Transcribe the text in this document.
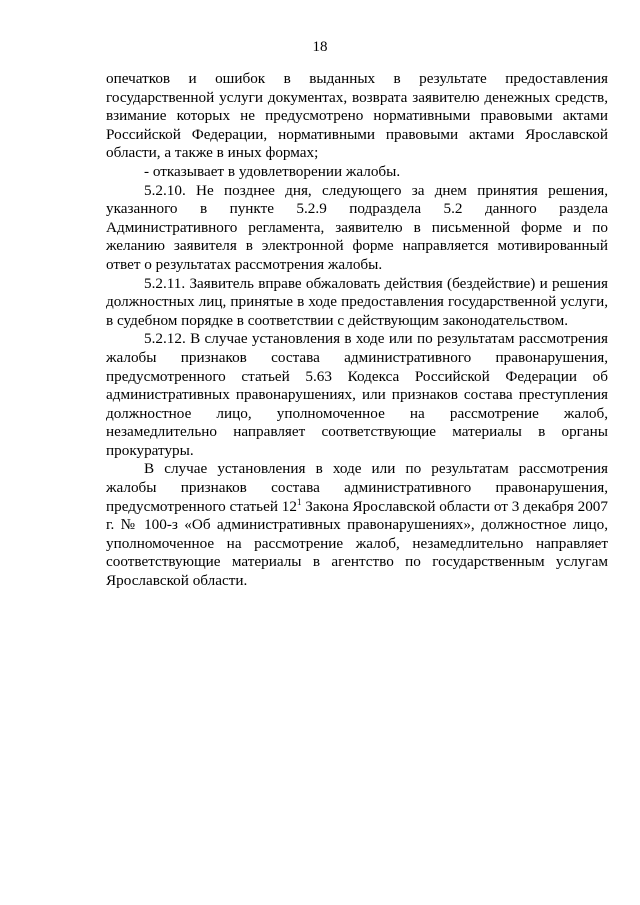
18

опечатков и ошибок в выданных в результате предоставления государственной услуги документах, возврата заявителю денежных средств, взимание которых не предусмотрено нормативными правовыми актами Российской Федерации, нормативными правовыми актами Ярославской области, а также в иных формах;

- отказывает в удовлетворении жалобы.

5.2.10. Не позднее дня, следующего за днем принятия решения, указанного в пункте 5.2.9 подраздела 5.2 данного раздела Административного регламента, заявителю в письменной форме и по желанию заявителя в электронной форме направляется мотивированный ответ о результатах рассмотрения жалобы.

5.2.11. Заявитель вправе обжаловать действия (бездействие) и решения должностных лиц, принятые в ходе предоставления государственной услуги, в судебном порядке в соответствии с действующим законодательством.

5.2.12. В случае установления в ходе или по результатам рассмотрения жалобы признаков состава административного правонарушения, предусмотренного статьей 5.63 Кодекса Российской Федерации об административных правонарушениях, или признаков состава преступления должностное лицо, уполномоченное на рассмотрение жалоб, незамедлительно направляет соответствующие материалы в органы прокуратуры.

В случае установления в ходе или по результатам рассмотрения жалобы признаков состава административного правонарушения, предусмотренного статьей $12^1$ Закона Ярославской области от 3 декабря 2007 г. № 100-з «Об административных правонарушениях», должностное лицо, уполномоченное на рассмотрение жалоб, незамедлительно направляет соответствующие материалы в агентство по государственным услугам Ярославской области.
